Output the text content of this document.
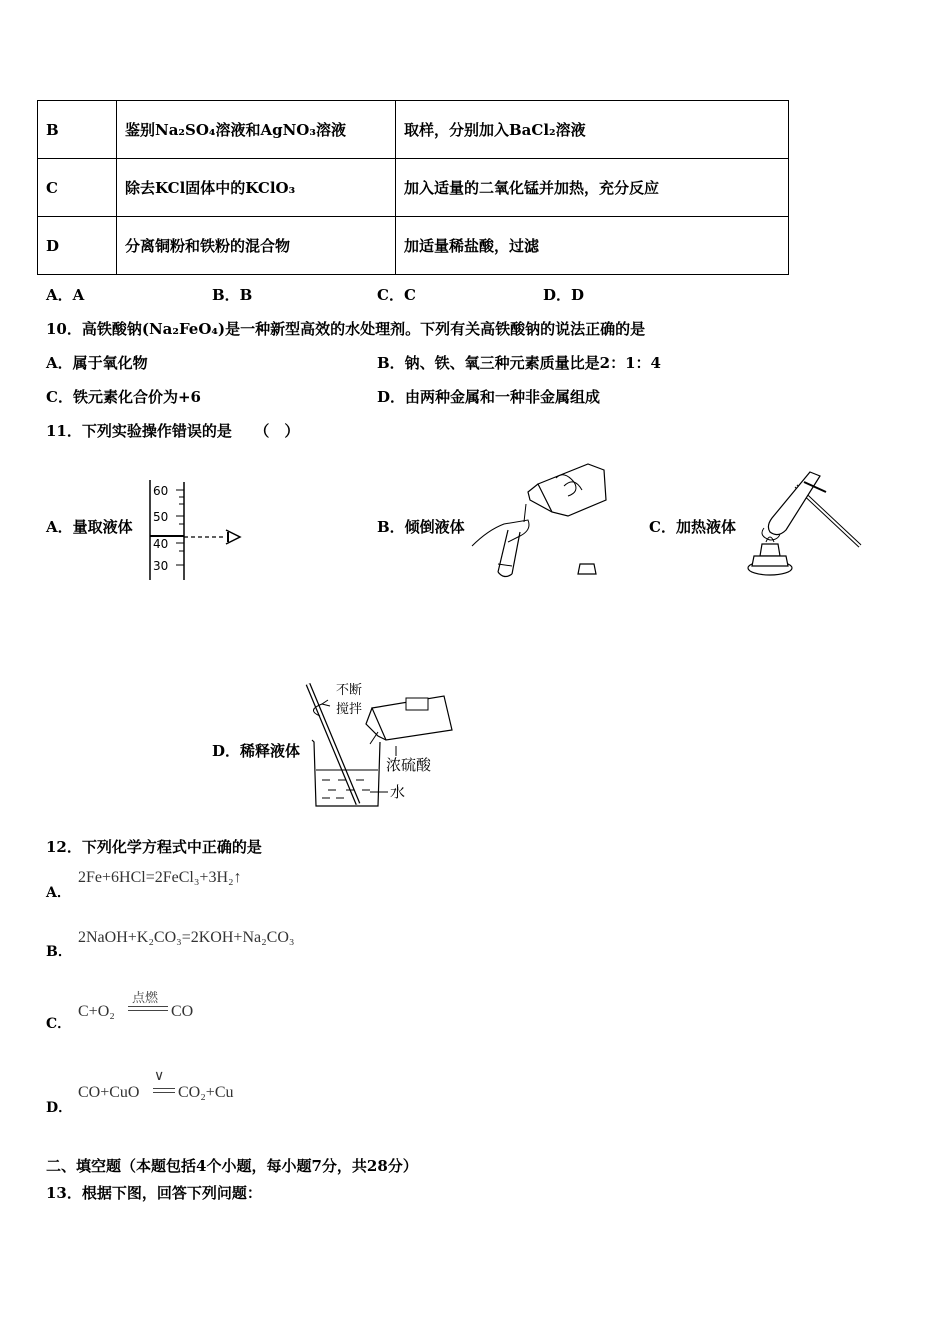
B	鉴别Na₂SO₄溶液和AgNO₃溶液	取样，分别加入BaCl₂溶液
C	除去KCl固体中的KClO₃	加入适量的二氧化锰并加热，充分反应
D	分离铜粉和铁粉的混合物	加适量稀盐酸，过滤
A．A	B．B	C．C	D．D
10．高铁酸钠(Na₂FeO₄)是一种新型高效的水处理剂。下列有关高铁酸钠的说法正确的是
A．属于氧化物	B．钠、铁、氧三种元素质量比是2：1：4
C．铁元素化合价为+6	D．由两种金属和一种非金属组成
11．下列实验操作错误的是　　（　）
A．量取液体
60
50
40
30
B．倾倒液体	C．加热液体
D．稀释液体
不断
搅拌
浓硫酸
水
12．下列化学方程式中正确的是
A．
2Fe+6HCl=2FeCl₃+3H₂↑
B．
2NaOH+K₂CO₃=2KOH+Na₂CO₃
C．
C+O₂
点燃
CO
D．
CO+CuO
∨
CO₂+Cu
二、填空题（本题包括4个小题，每小题7分，共28分）
13．根据下图，回答下列问题：
